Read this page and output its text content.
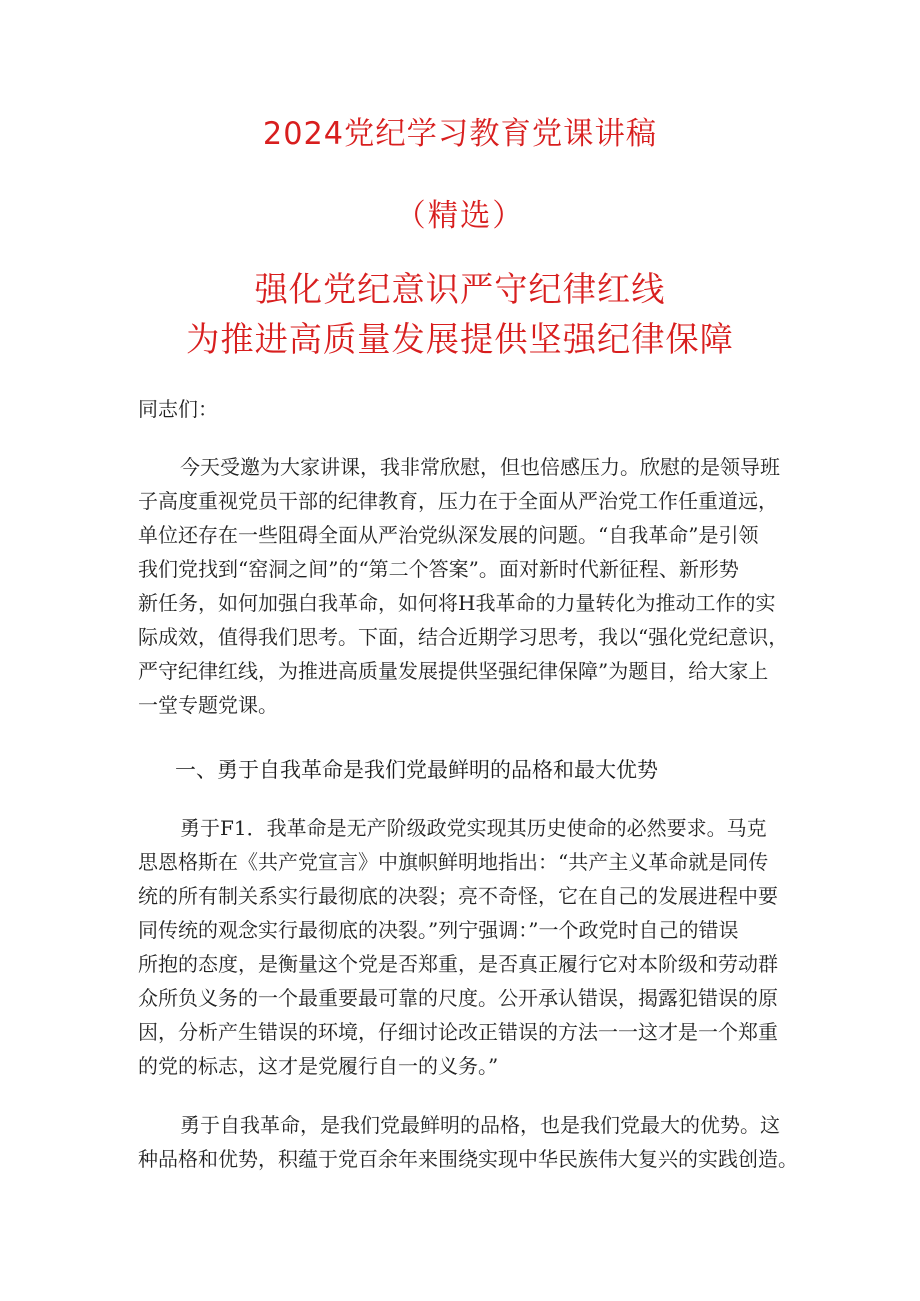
2024党纪学习教育党课讲稿
（精选）
强化党纪意识严守纪律红线
为推进高质量发展提供坚强纪律保障
同志们：
今天受邀为大家讲课，我非常欣慰，但也倍感压力。欣慰的是领导班
子高度重视党员干部的纪律教育，压力在于全面从严治党工作任重道远，
单位还存在一些阻碍全面从严治党纵深发展的问题。“自我革命”是引领
我们党找到“窑洞之间”的“第二个答案”。面对新时代新征程、新形势
新任务，如何加强白我革命，如何将H我革命的力量转化为推动工作的实
际成效，值得我们思考。下面，结合近期学习思考，我以“强化党纪意识，
严守纪律红线，为推进高质量发展提供坚强纪律保障”为题目，给大家上
一堂专题党课。
一、勇于自我革命是我们党最鲜明的品格和最大优势
勇于F1．我革命是无产阶级政党实现其历史使命的必然要求。马克
思恩格斯在《共产党宣言》中旗帜鲜明地指出：“共产主义革命就是同传
统的所有制关系实行最彻底的决裂；亮不奇怪，它在自己的发展进程中要
同传统的观念实行最彻底的决裂。”列宁强调：”一个政党时自己的错误
所抱的态度，是衡量这个党是否郑重，是否真正履行它对本阶级和劳动群
众所负义务的一个最重要最可靠的尺度。公开承认错误，揭露犯错误的原
因，分析产生错误的环境，仔细讨论改正错误的方法一一这才是一个郑重
的党的标志，这才是党履行自一的义务。”
勇于自我革命，是我们党最鲜明的品格，也是我们党最大的优势。这
种品格和优势，积蕴于党百余年来围绕实现中华民族伟大复兴的实践创造。
